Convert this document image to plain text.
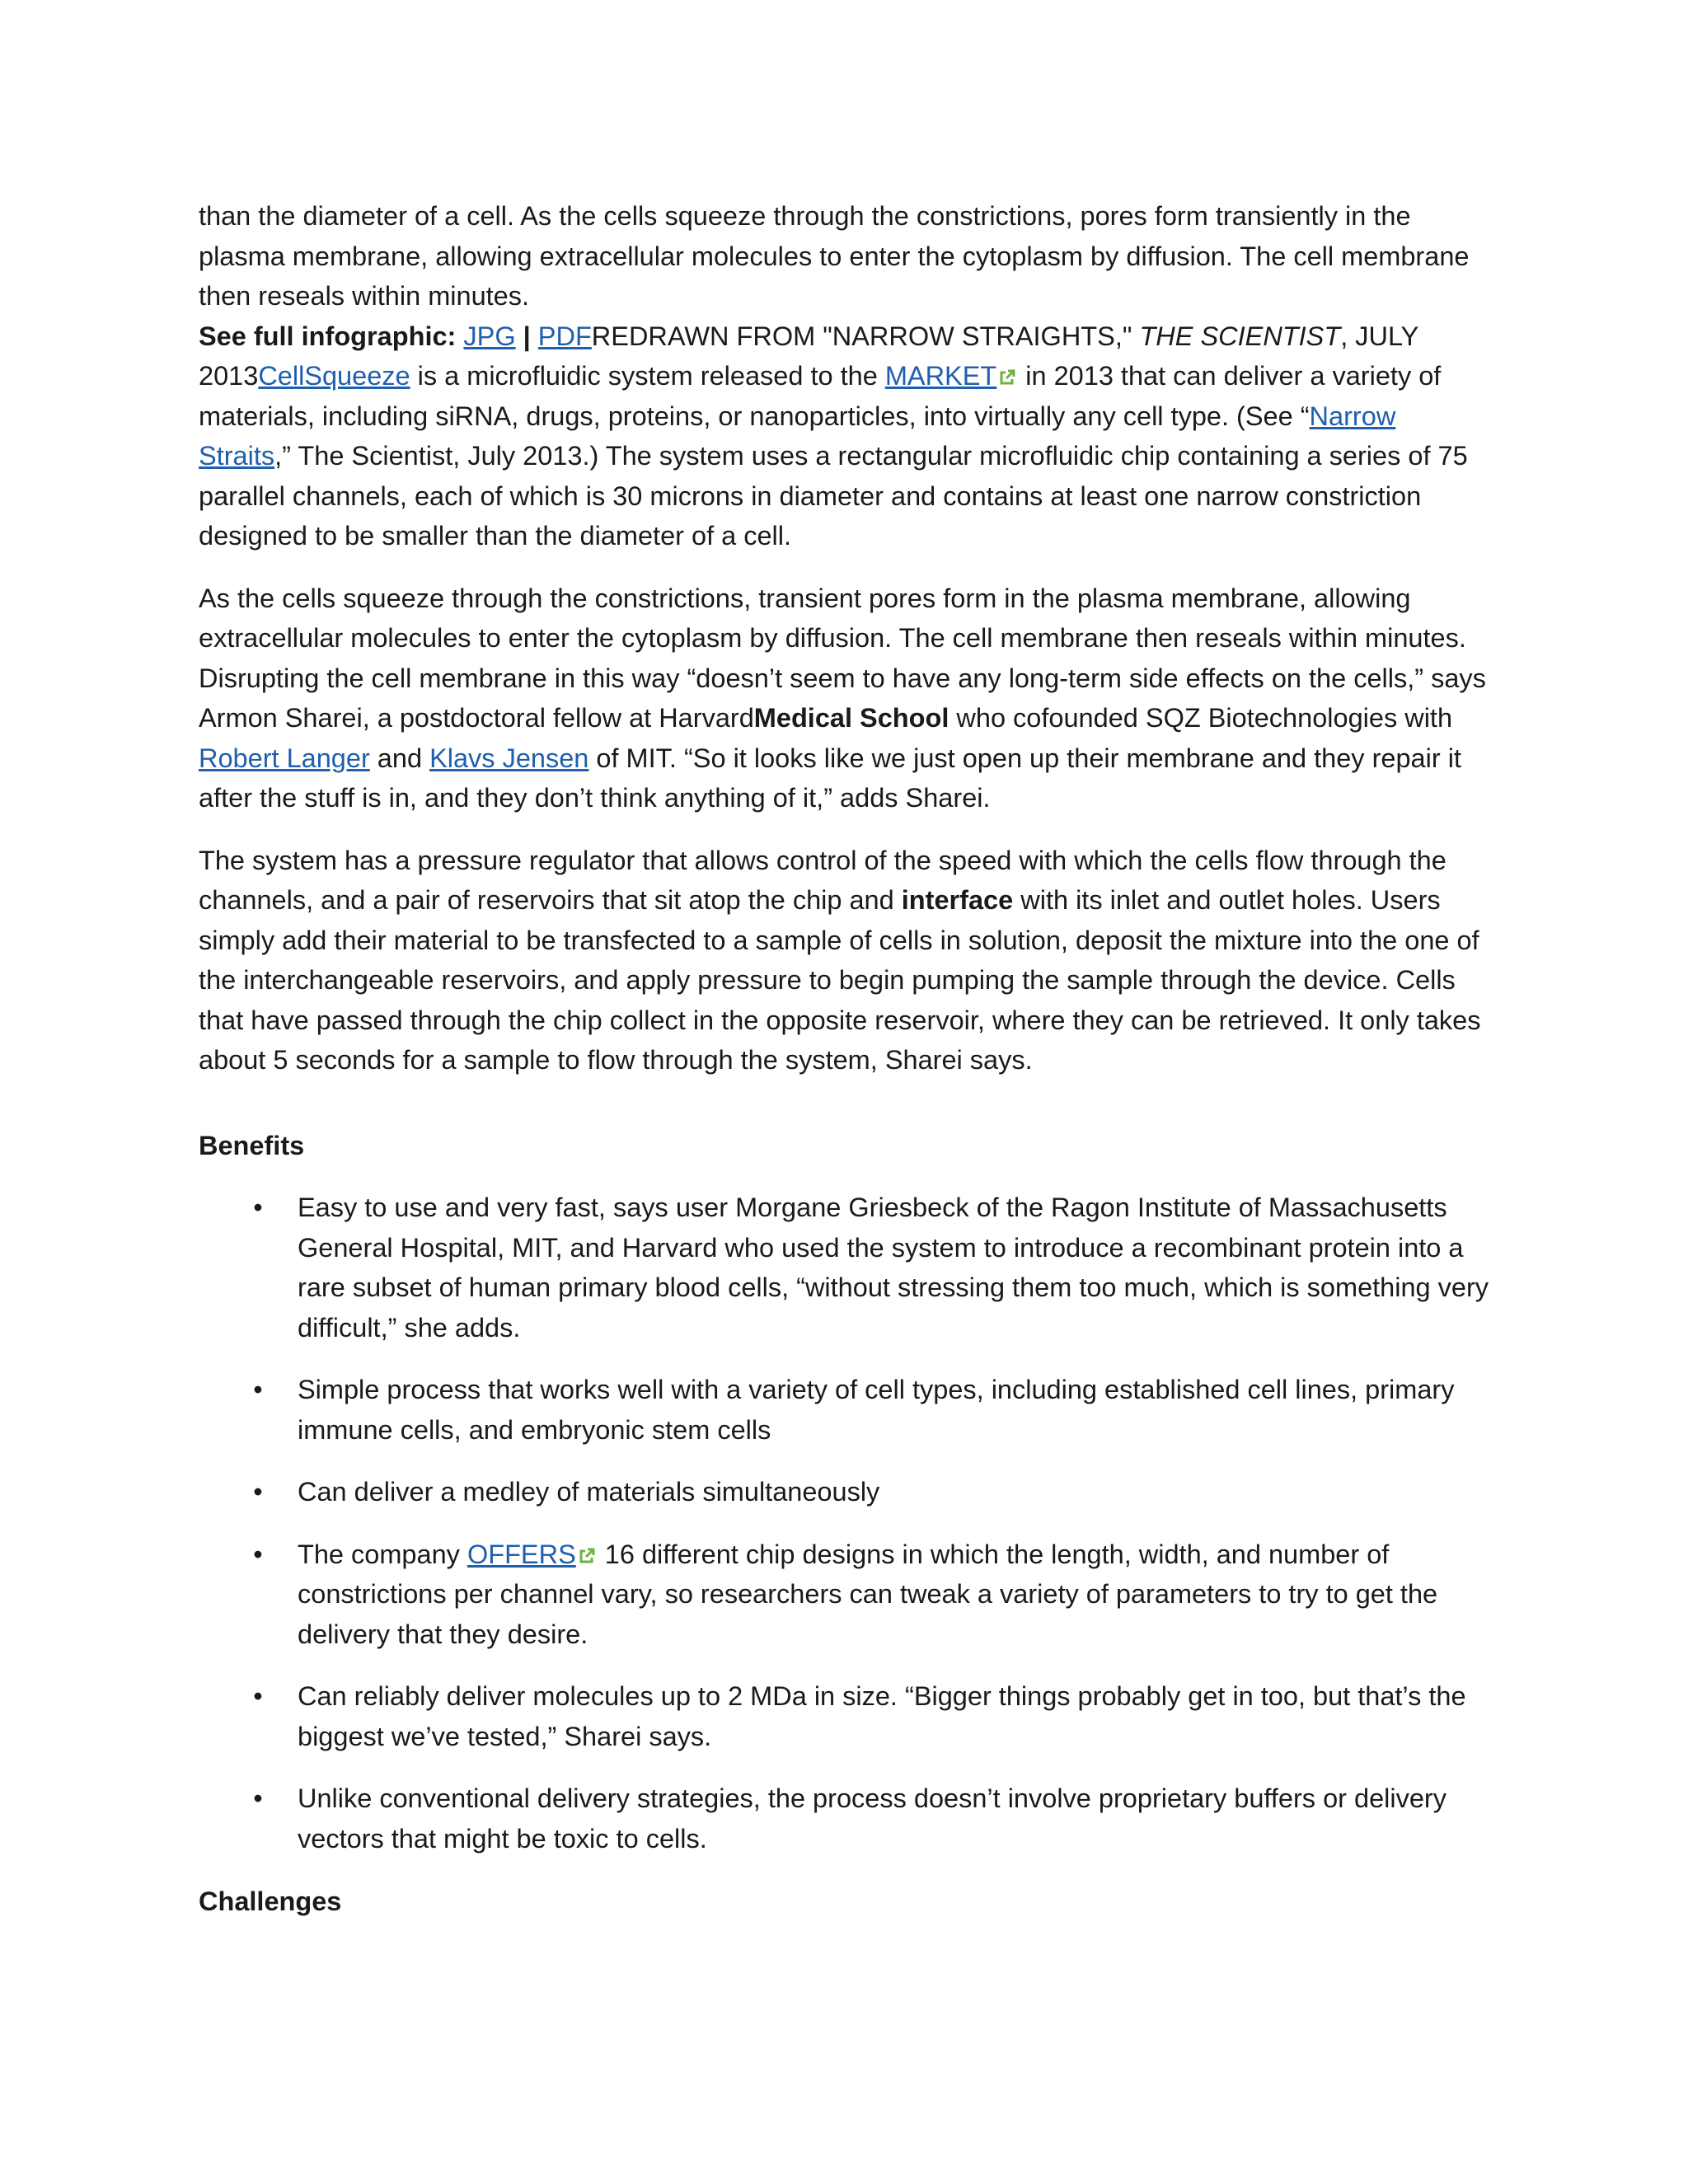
than the diameter of a cell. As the cells squeeze through the constrictions, pores form transiently in the plasma membrane, allowing extracellular molecules to enter the cytoplasm by diffusion. The cell membrane then reseals within minutes.

See full infographic: JPG | PDFREDRAWN FROM "NARROW STRAIGHTS," THE SCIENTIST, JULY 2013CellSqueeze is a microfluidic system released to the MARKET in 2013 that can deliver a variety of materials, including siRNA, drugs, proteins, or nanoparticles, into virtually any cell type. (See “Narrow Straits,” The Scientist, July 2013.) The system uses a rectangular microfluidic chip containing a series of 75 parallel channels, each of which is 30 microns in diameter and contains at least one narrow constriction designed to be smaller than the diameter of a cell.

As the cells squeeze through the constrictions, transient pores form in the plasma membrane, allowing extracellular molecules to enter the cytoplasm by diffusion. The cell membrane then reseals within minutes. Disrupting the cell membrane in this way “doesn’t seem to have any long-term side effects on the cells,” says Armon Sharei, a postdoctoral fellow at HarvardMedical School who cofounded SQZ Biotechnologies with Robert Langer and Klavs Jensen of MIT. “So it looks like we just open up their membrane and they repair it after the stuff is in, and they don’t think anything of it,” adds Sharei.

The system has a pressure regulator that allows control of the speed with which the cells flow through the channels, and a pair of reservoirs that sit atop the chip and interface with its inlet and outlet holes. Users simply add their material to be transfected to a sample of cells in solution, deposit the mixture into the one of the interchangeable reservoirs, and apply pressure to begin pumping the sample through the device. Cells that have passed through the chip collect in the opposite reservoir, where they can be retrieved. It only takes about 5 seconds for a sample to flow through the system, Sharei says.

Benefits
• Easy to use and very fast, says user Morgane Griesbeck of the Ragon Institute of Massachusetts General Hospital, MIT, and Harvard who used the system to introduce a recombinant protein into a rare subset of human primary blood cells, “without stressing them too much, which is something very difficult,” she adds.
• Simple process that works well with a variety of cell types, including established cell lines, primary immune cells, and embryonic stem cells
• Can deliver a medley of materials simultaneously
• The company OFFERS 16 different chip designs in which the length, width, and number of constrictions per channel vary, so researchers can tweak a variety of parameters to try to get the delivery that they desire.
• Can reliably deliver molecules up to 2 MDa in size. “Bigger things probably get in too, but that’s the biggest we’ve tested,” Sharei says.
• Unlike conventional delivery strategies, the process doesn’t involve proprietary buffers or delivery vectors that might be toxic to cells.
Challenges
